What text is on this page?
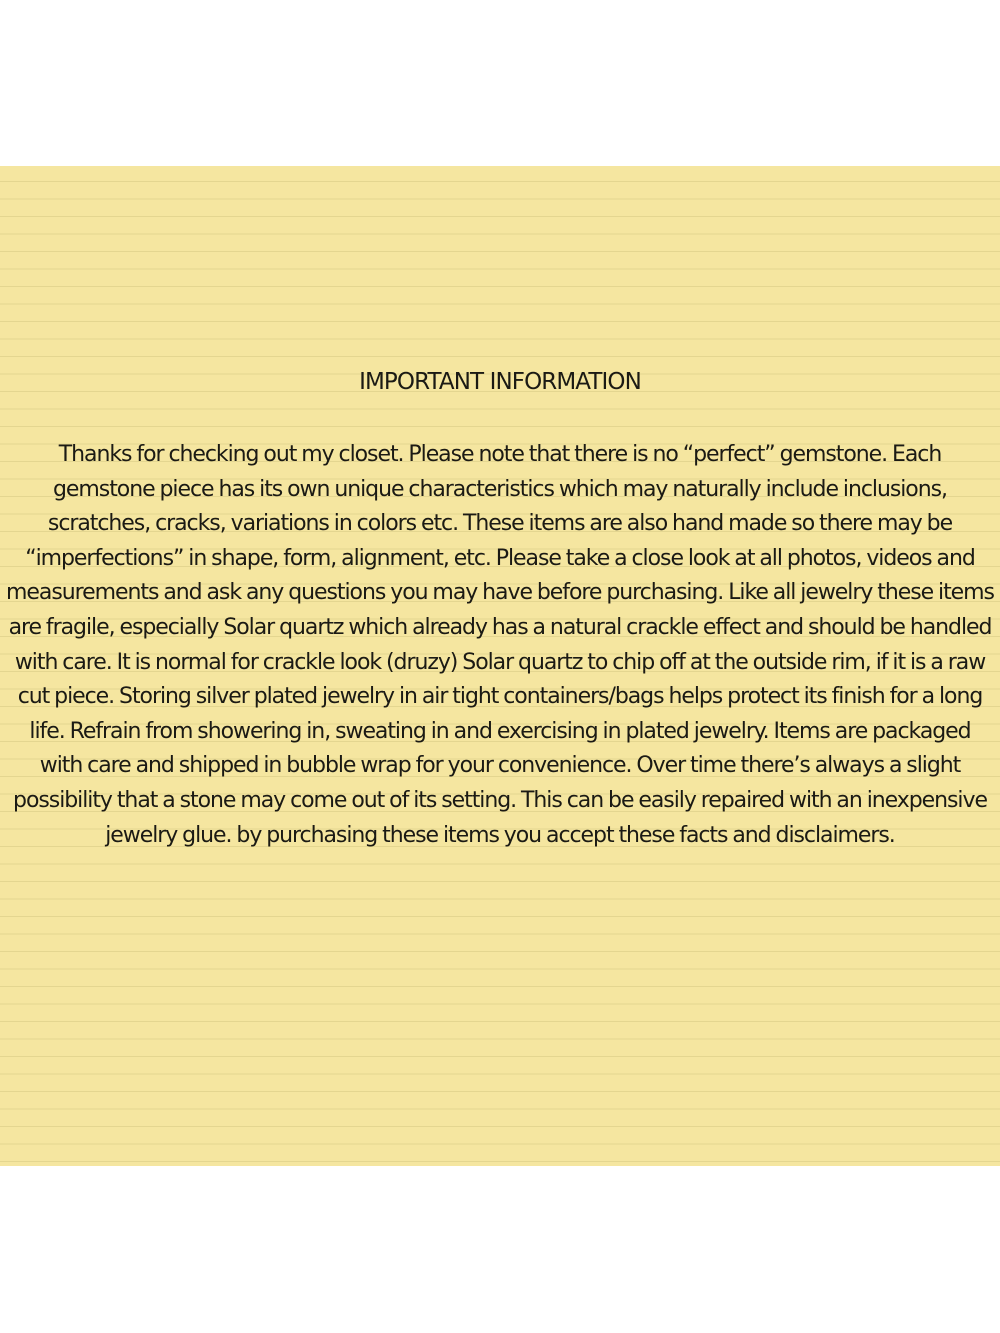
IMPORTANT INFORMATION
Thanks for checking out my closet. Please note that there is no “perfect” gemstone. Each
gemstone piece has its own unique characteristics which may naturally include inclusions,
scratches, cracks, variations in colors etc. These items are also hand made so there may be
“imperfections” in shape, form, alignment, etc. Please take a close look at all photos, videos and
measurements and ask any questions you may have before purchasing. Like all jewelry these items
are fragile, especially Solar quartz which already has a natural crackle effect and should be handled
with care. It is normal for crackle look (druzy) Solar quartz to chip off at the outside rim, if it is a raw
cut piece. Storing silver plated jewelry in air tight containers/bags helps protect its finish for a long
life. Refrain from showering in, sweating in and exercising in plated jewelry. Items are packaged
with care and shipped in bubble wrap for your convenience. Over time there’s always a slight
possibility that a stone may come out of its setting. This can be easily repaired with an inexpensive
jewelry glue. by purchasing these items you accept these facts and disclaimers.
